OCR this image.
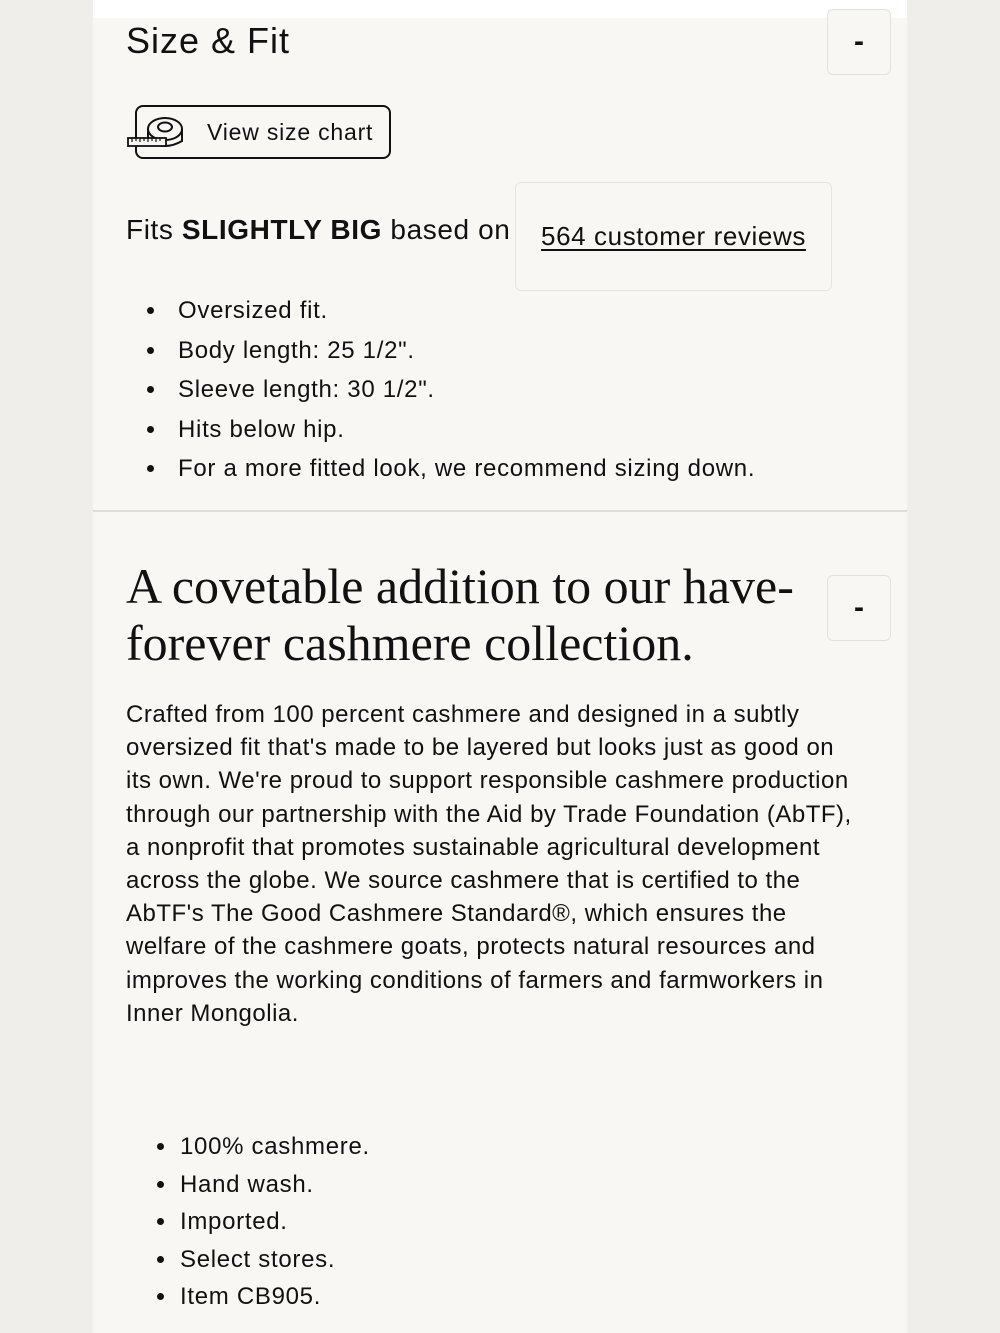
Size & Fit	-
View size chart
Fits SLIGHTLY BIG based on 564 customer reviews
• Oversized fit.
• Body length: 25 1/2".
• Sleeve length: 30 1/2".
• Hits below hip.
• For a more fitted look, we recommend sizing down.
A covetable addition to our have-forever cashmere collection.
-

Crafted from 100 percent cashmere and designed in a subtly oversized fit that's made to be layered but looks just as good on its own. We're proud to support responsible cashmere production through our partnership with the Aid by Trade Foundation (AbTF), a nonprofit that promotes sustainable agricultural development across the globe. We source cashmere that is certified to the AbTF's The Good Cashmere Standard®, which ensures the welfare of the cashmere goats, protects natural resources and improves the working conditions of farmers and farmworkers in Inner Mongolia.

• 100% cashmere.
• Hand wash.
• Imported.
• Select stores.
• Item CB905.
